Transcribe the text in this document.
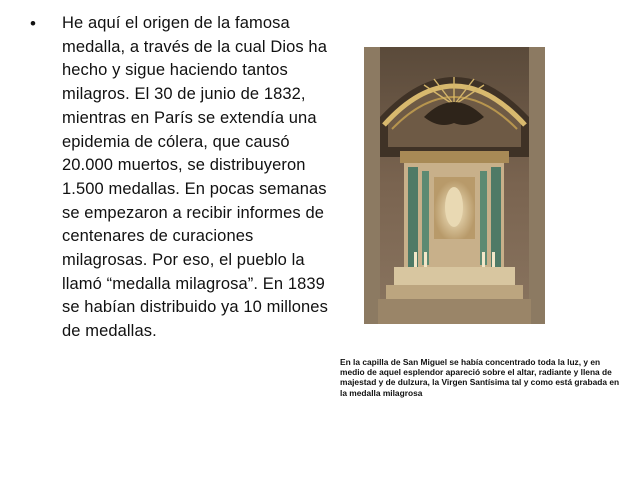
•	He aquí el origen de la famosa medalla, a través de la cual Dios ha hecho y sigue haciendo tantos milagros. El 30 de junio de 1832, mientras en París se extendía una epidemia de cólera, que causó 20.000 muertos, se distribuyeron 1.500 medallas. En pocas semanas se empezaron a recibir informes de centenares de curaciones milagrosas. Por eso, el pueblo la llamó “medalla milagrosa”. En 1839 se habían distribuido ya 10 millones de medallas.
En la capilla de San Miguel se había concentrado toda la luz, y en medio de aquel esplendor apareció sobre el altar, radiante y llena de majestad y de dulzura, la Virgen Santísima tal y como está grabada en la medalla milagrosa
